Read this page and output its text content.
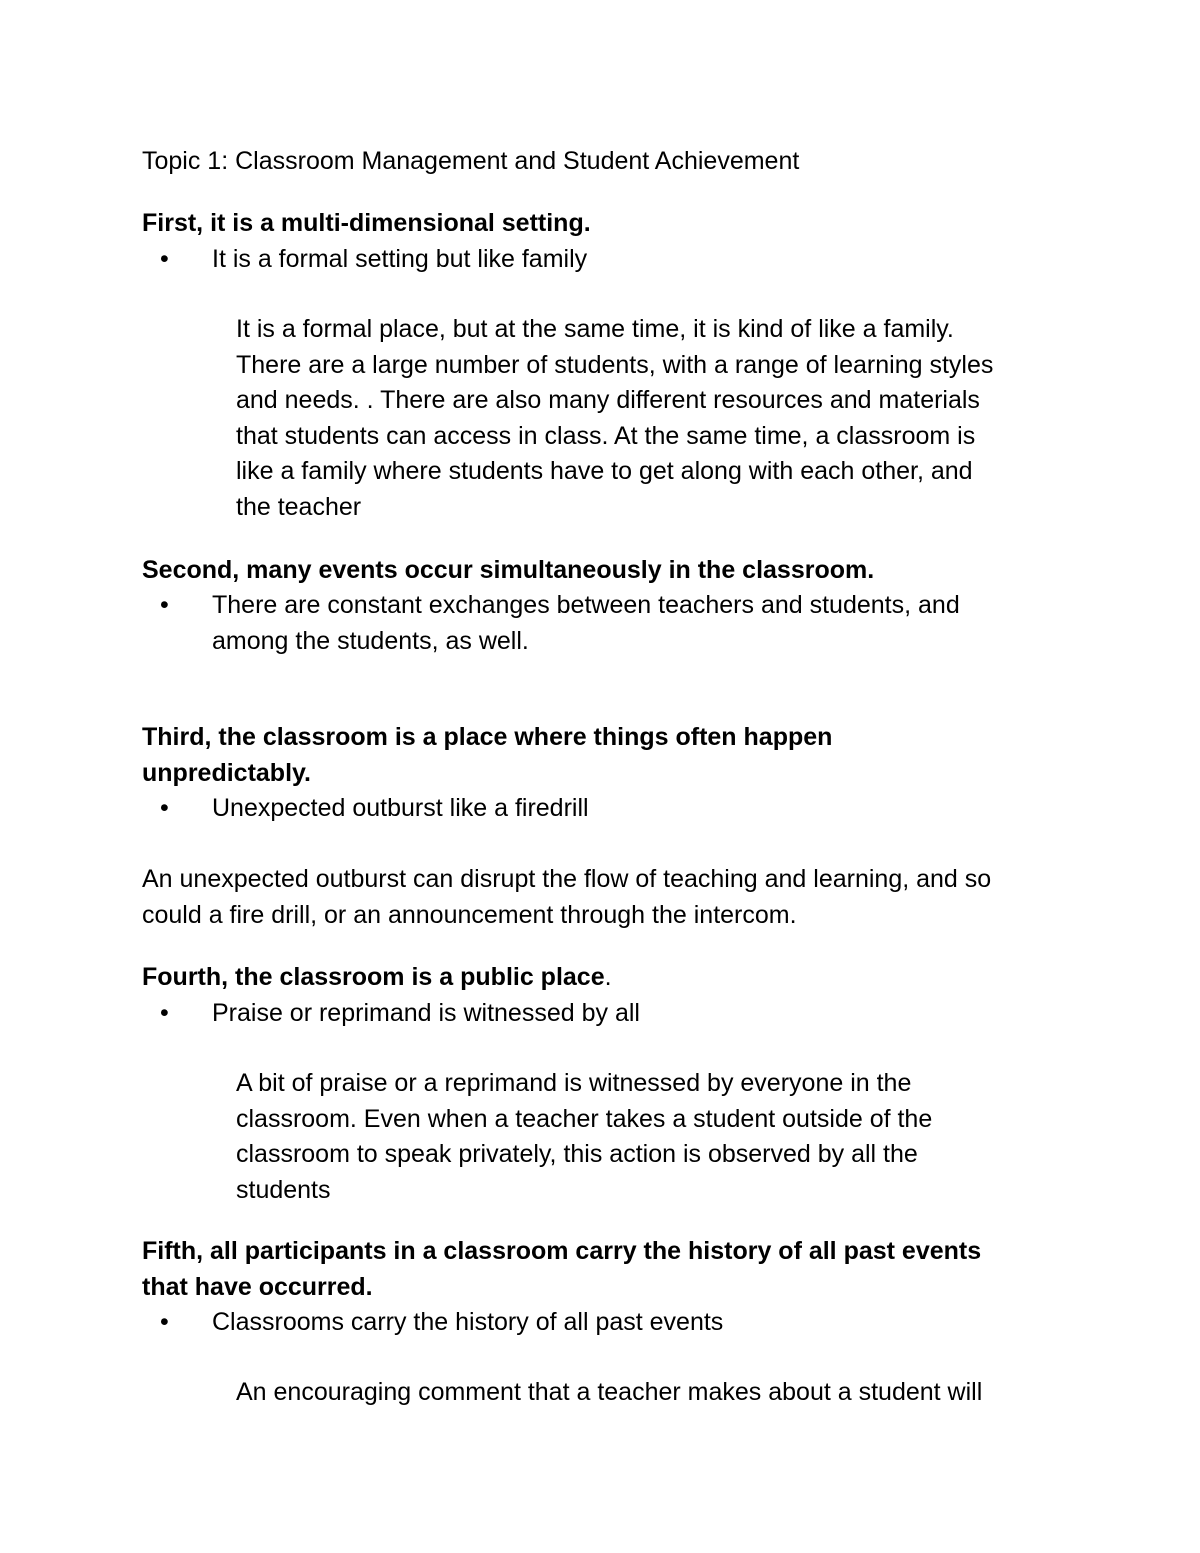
Topic 1: Classroom Management and Student Achievement
First, it is a multi-dimensional setting.
• It is a formal setting but like family
It is a formal place, but at the same time, it is kind of like a family.
There are a large number of students, with a range of learning styles
and needs. . There are also many different resources and materials
that students can access in class. At the same time, a classroom is
like a family where students have to get along with each other, and
the teacher
Second, many events occur simultaneously in the classroom.
• There are constant exchanges between teachers and students, and
among the students, as well.
Third, the classroom is a place where things often happen
unpredictably.
• Unexpected outburst like a firedrill
An unexpected outburst can disrupt the flow of teaching and learning, and so
could a fire drill, or an announcement through the intercom.
Fourth, the classroom is a public place.
• Praise or reprimand is witnessed by all
A bit of praise or a reprimand is witnessed by everyone in the
classroom. Even when a teacher takes a student outside of the
classroom to speak privately, this action is observed by all the
students
Fifth, all participants in a classroom carry the history of all past events
that have occurred.
• Classrooms carry the history of all past events
An encouraging comment that a teacher makes about a student will
